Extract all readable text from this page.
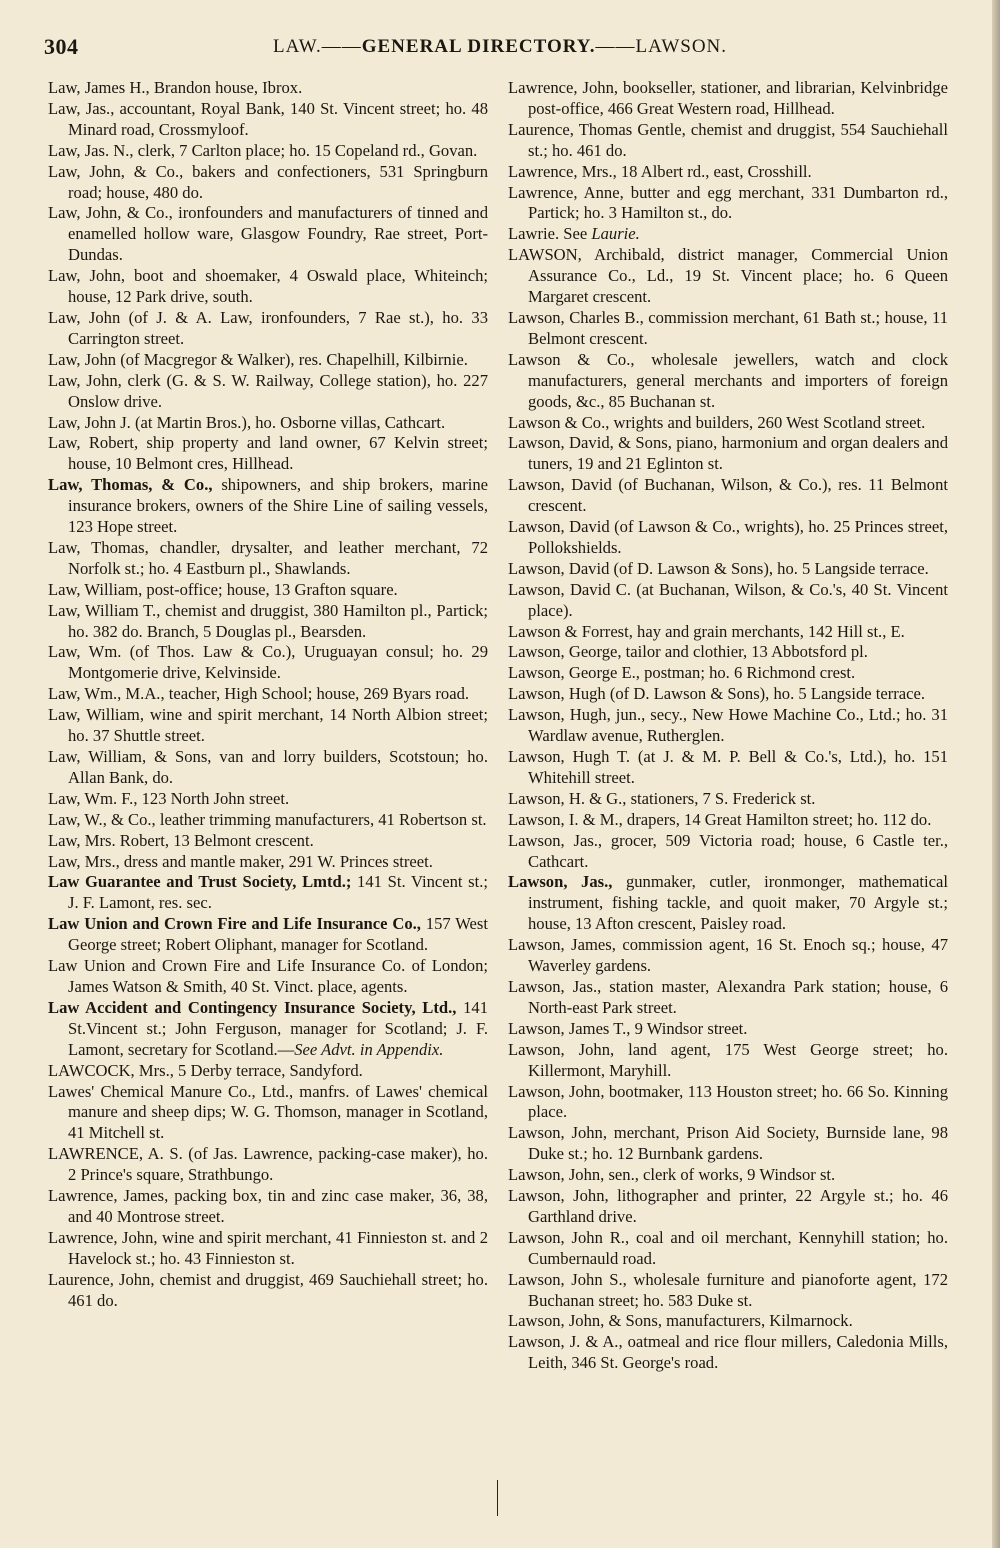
304	LAW.——GENERAL DIRECTORY.——LAWSON.
Law, James H., Brandon house, Ibrox.
Law, Jas., accountant, Royal Bank, 140 St. Vincent street; ho. 48 Minard road, Crossmyloof.
Law, Jas. N., clerk, 7 Carlton place; ho. 15 Copeland rd., Govan.
Law, John, & Co., bakers and confectioners, 531 Springburn road; house, 480 do.
Law, John, & Co., ironfounders and manufacturers of tinned and enamelled hollow ware, Glasgow Foundry, Rae street, Port-Dundas.
Law, John, boot and shoemaker, 4 Oswald place, Whiteinch; house, 12 Park drive, south.
Law, John (of J. & A. Law, ironfounders, 7 Rae st.), ho. 33 Carrington street.
Law, John (of Macgregor & Walker), res. Chapelhill, Kilbirnie.
Law, John, clerk (G. & S. W. Railway, College station), ho. 227 Onslow drive.
Law, John J. (at Martin Bros.), ho. Osborne villas, Cathcart.
Law, Robert, ship property and land owner, 67 Kelvin street; house, 10 Belmont cres, Hillhead.
Law, Thomas, & Co., shipowners, and ship brokers, marine insurance brokers, owners of the Shire Line of sailing vessels, 123 Hope street.
Law, Thomas, chandler, drysalter, and leather merchant, 72 Norfolk st.; ho. 4 Eastburn pl., Shawlands.
Law, William, post-office; house, 13 Grafton square.
Law, William T., chemist and druggist, 380 Hamilton pl., Partick; ho. 382 do. Branch, 5 Douglas pl., Bearsden.
Law, Wm. (of Thos. Law & Co.), Uruguayan consul; ho. 29 Montgomerie drive, Kelvinside.
Law, Wm., M.A., teacher, High School; house, 269 Byars road.
Law, William, wine and spirit merchant, 14 North Albion street; ho. 37 Shuttle street.
Law, William, & Sons, van and lorry builders, Scotstoun; ho. Allan Bank, do.
Law, Wm. F., 123 North John street.
Law, W., & Co., leather trimming manufacturers, 41 Robertson st.
Law, Mrs. Robert, 13 Belmont crescent.
Law, Mrs., dress and mantle maker, 291 W. Princes street.
Law Guarantee and Trust Society, Lmtd.; 141 St. Vincent st.; J. F. Lamont, res. sec.
Law Union and Crown Fire and Life Insurance Co., 157 West George street; Robert Oliphant, manager for Scotland.
Law Union and Crown Fire and Life Insurance Co. of London; James Watson & Smith, 40 St. Vinct. place, agents.
Law Accident and Contingency Insurance Society, Ltd., 141 St.Vincent st.; John Ferguson, manager for Scotland; J. F. Lamont, secretary for Scotland.—See Advt. in Appendix.
LAWCOCK, Mrs., 5 Derby terrace, Sandyford.
Lawes' Chemical Manure Co., Ltd., manfrs. of Lawes' chemical manure and sheep dips; W. G. Thomson, manager in Scotland, 41 Mitchell st.
LAWRENCE, A. S. (of Jas. Lawrence, packing-case maker), ho. 2 Prince's square, Strathbungo.
Lawrence, James, packing box, tin and zinc case maker, 36, 38, and 40 Montrose street.
Lawrence, John, wine and spirit merchant, 41 Finnieston st. and 2 Havelock st.; ho. 43 Finnieston st.
Laurence, John, chemist and druggist, 469 Sauchiehall street; ho. 461 do.
Lawrence, John, bookseller, stationer, and librarian, Kelvinbridge post-office, 466 Great Western road, Hillhead.
Laurence, Thomas Gentle, chemist and druggist, 554 Sauchiehall st.; ho. 461 do.
Lawrence, Mrs., 18 Albert rd., east, Crosshill.
Lawrence, Anne, butter and egg merchant, 331 Dumbarton rd., Partick; ho. 3 Hamilton st., do.
Lawrie. See Laurie.
LAWSON, Archibald, district manager, Commercial Union Assurance Co., Ld., 19 St. Vincent place; ho. 6 Queen Margaret crescent.
Lawson, Charles B., commission merchant, 61 Bath st.; house, 11 Belmont crescent.
Lawson & Co., wholesale jewellers, watch and clock manufacturers, general merchants and importers of foreign goods, &c., 85 Buchanan st.
Lawson & Co., wrights and builders, 260 West Scotland street.
Lawson, David, & Sons, piano, harmonium and organ dealers and tuners, 19 and 21 Eglinton st.
Lawson, David (of Buchanan, Wilson, & Co.), res. 11 Belmont crescent.
Lawson, David (of Lawson & Co., wrights), ho. 25 Princes street, Pollokshields.
Lawson, David (of D. Lawson & Sons), ho. 5 Langside terrace.
Lawson, David C. (at Buchanan, Wilson, & Co.'s, 40 St. Vincent place).
Lawson & Forrest, hay and grain merchants, 142 Hill st., E.
Lawson, George, tailor and clothier, 13 Abbotsford pl.
Lawson, George E., postman; ho. 6 Richmond crest.
Lawson, Hugh (of D. Lawson & Sons), ho. 5 Langside terrace.
Lawson, Hugh, jun., secy., New Howe Machine Co., Ltd.; ho. 31 Wardlaw avenue, Rutherglen.
Lawson, Hugh T. (at J. & M. P. Bell & Co.'s, Ltd.), ho. 151 Whitehill street.
Lawson, H. & G., stationers, 7 S. Frederick st.
Lawson, I. & M., drapers, 14 Great Hamilton street; ho. 112 do.
Lawson, Jas., grocer, 509 Victoria road; house, 6 Castle ter., Cathcart.
Lawson, Jas., gunmaker, cutler, ironmonger, mathematical instrument, fishing tackle, and quoit maker, 70 Argyle st.; house, 13 Afton crescent, Paisley road.
Lawson, James, commission agent, 16 St. Enoch sq.; house, 47 Waverley gardens.
Lawson, Jas., station master, Alexandra Park station; house, 6 North-east Park street.
Lawson, James T., 9 Windsor street.
Lawson, John, land agent, 175 West George street; ho. Killermont, Maryhill.
Lawson, John, bootmaker, 113 Houston street; ho. 66 So. Kinning place.
Lawson, John, merchant, Prison Aid Society, Burnside lane, 98 Duke st.; ho. 12 Burnbank gardens.
Lawson, John, sen., clerk of works, 9 Windsor st.
Lawson, John, lithographer and printer, 22 Argyle st.; ho. 46 Garthland drive.
Lawson, John R., coal and oil merchant, Kennyhill station; ho. Cumbernauld road.
Lawson, John S., wholesale furniture and pianoforte agent, 172 Buchanan street; ho. 583 Duke st.
Lawson, John, & Sons, manufacturers, Kilmarnock.
Lawson, J. & A., oatmeal and rice flour millers, Caledonia Mills, Leith, 346 St. George's road.
